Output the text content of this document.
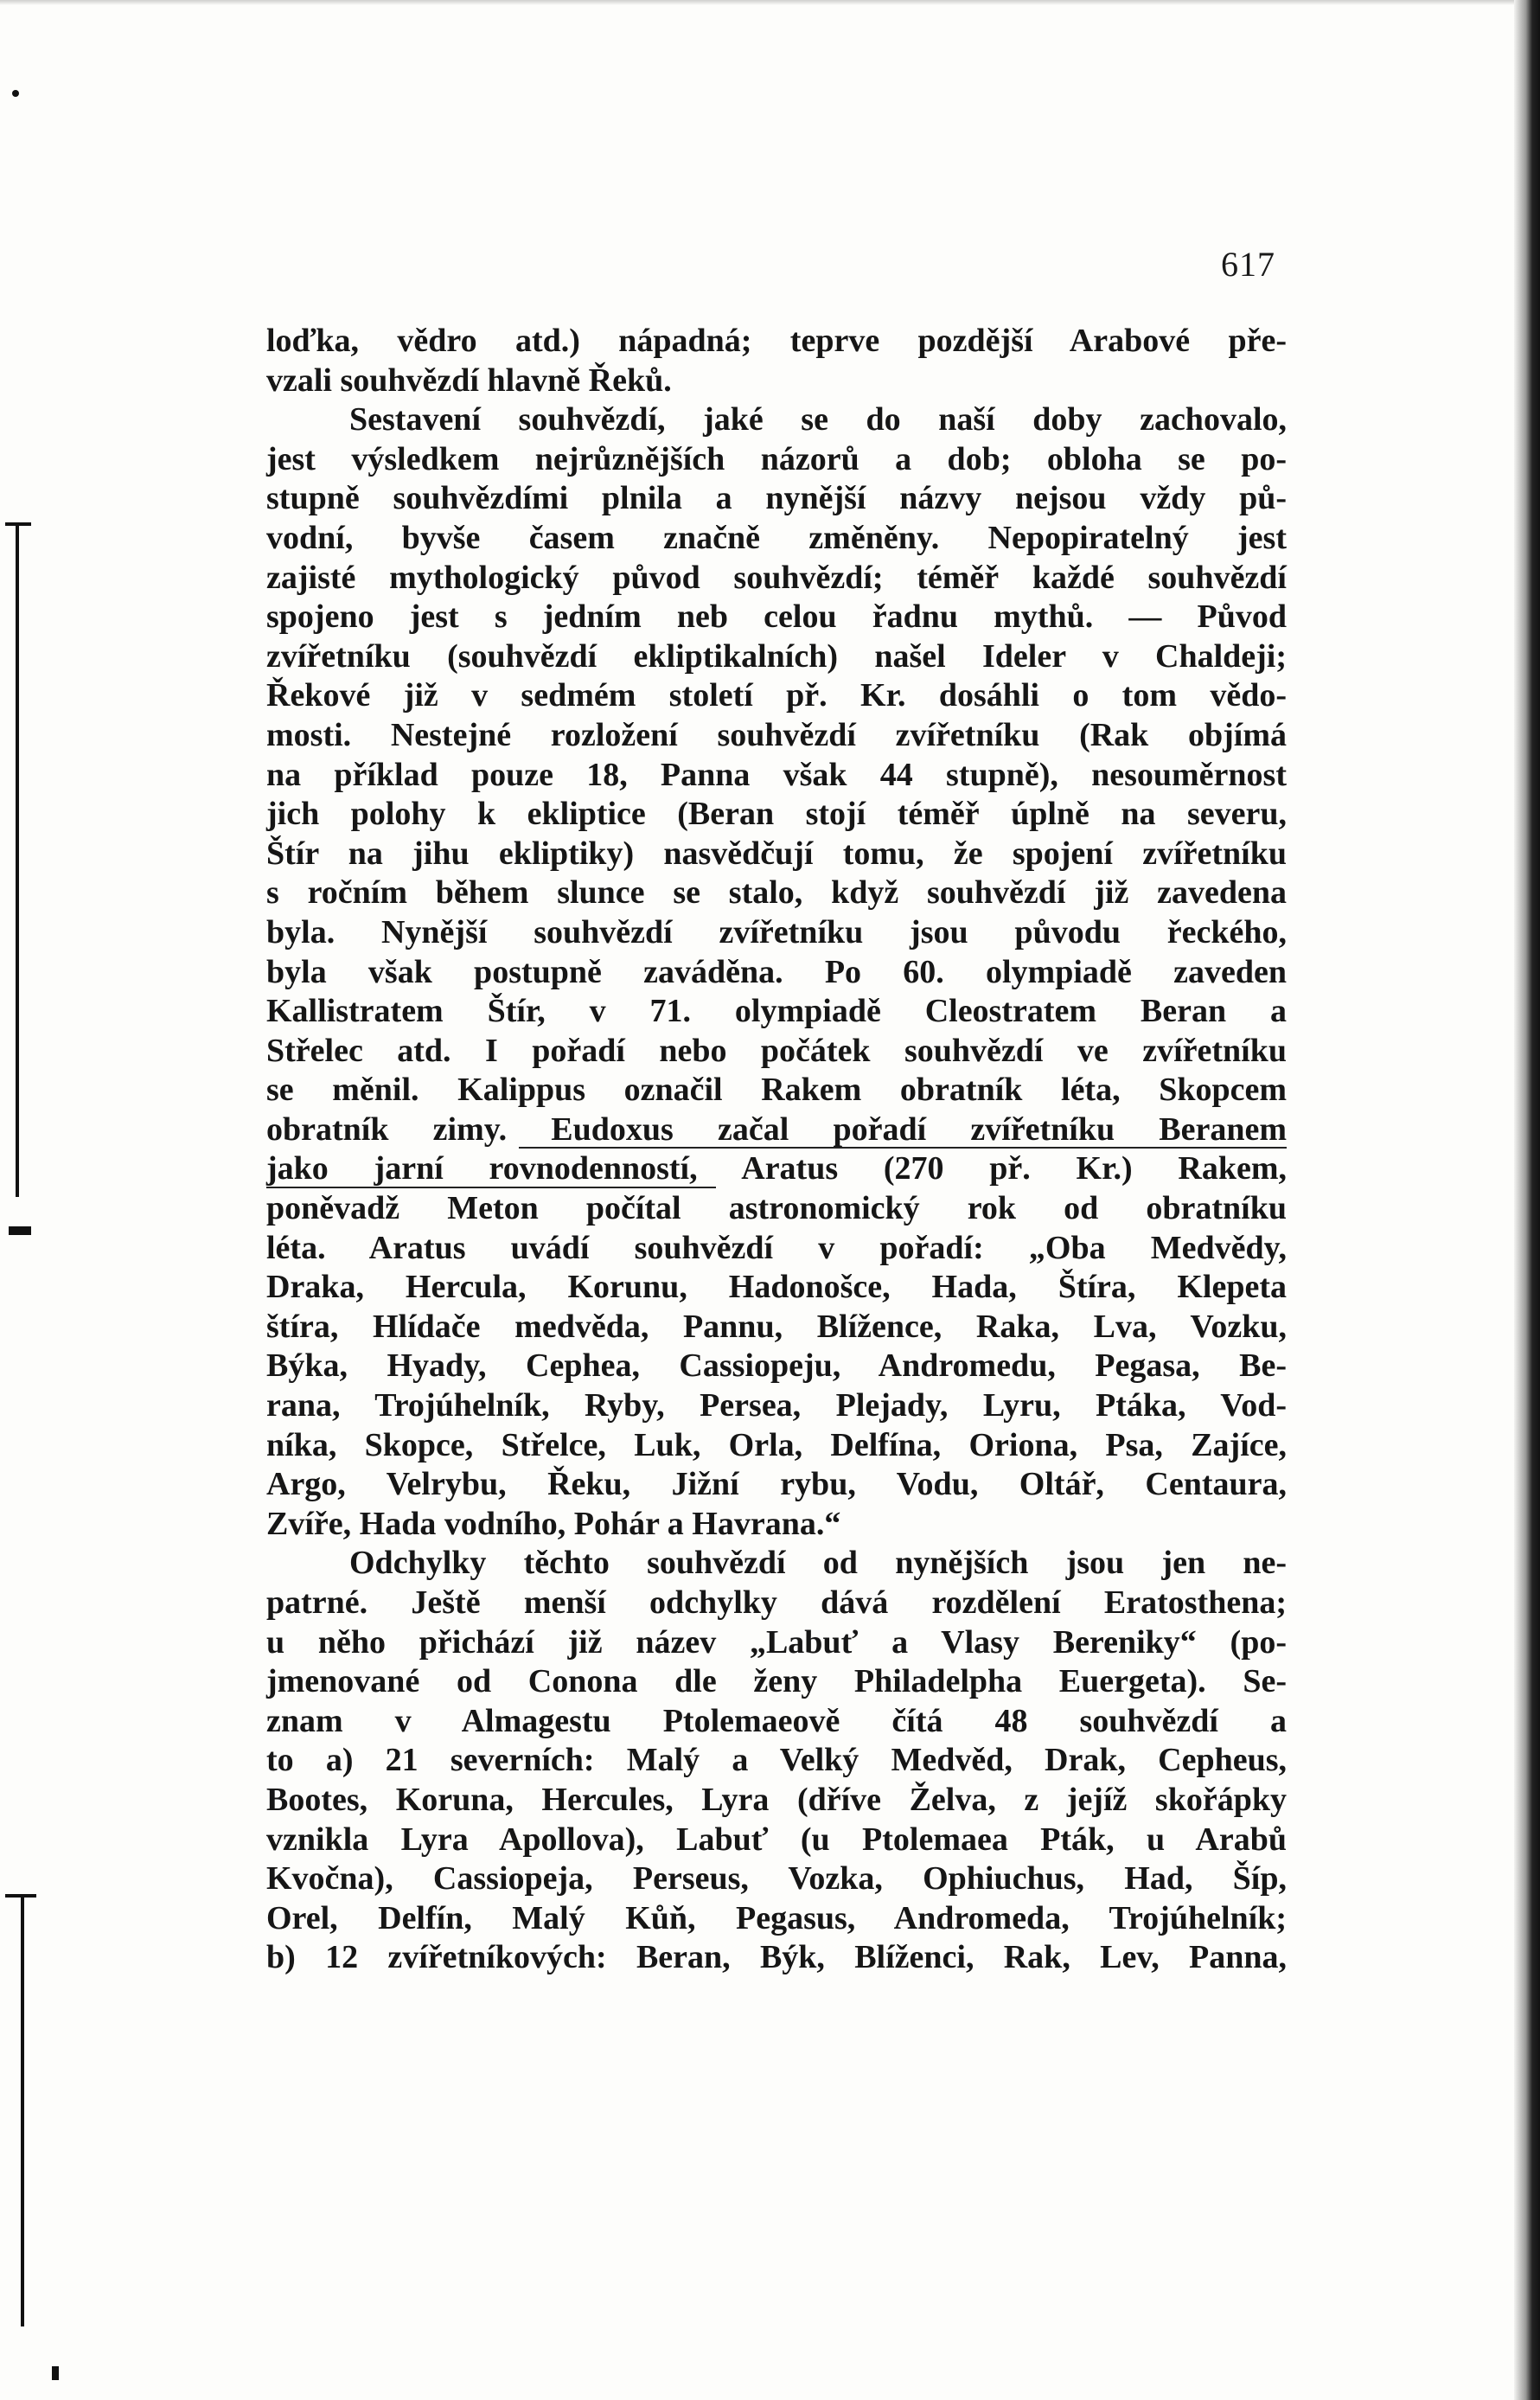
617
loďka, vědro atd.) nápadná; teprve pozdější Arabové pře-
vzali souhvězdí hlavně Řeků.
Sestavení souhvězdí, jaké se do naší doby zachovalo,
jest výsledkem nejrůznějších názorů a dob; obloha se po-
stupně souhvězdími plnila a nynější názvy nejsou vždy pů-
vodní, byvše časem značně změněny. Nepopiratelný jest
zajisté mythologický původ souhvězdí; téměř každé souhvězdí
spojeno jest s jedním neb celou řadnu mythů. — Původ
zvířetníku (souhvězdí ekliptikalních) našel Ideler v Chaldeji;
Řekové již v sedmém století př. Kr. dosáhli o tom vědo-
mosti. Nestejné rozložení souhvězdí zvířetníku (Rak objímá
na příklad pouze 18, Panna však 44 stupně), nesouměrnost
jich polohy k ekliptice (Beran stojí téměř úplně na severu,
Štír na jihu ekliptiky) nasvědčují tomu, že spojení zvířetníku
s ročním během slunce se stalo, když souhvězdí již zavedena
byla. Nynější souhvězdí zvířetníku jsou původu řeckého,
byla však postupně zaváděna. Po 60. olympiadě zaveden
Kallistratem Štír, v 71. olympiadě Cleostratem Beran a
Střelec atd. I pořadí nebo počátek souhvězdí ve zvířetníku
se měnil. Kalippus označil Rakem obratník léta, Skopcem
obratník zimy. Eudoxus začal pořadí zvířetníku Beranem
jako jarní rovnodenností, Aratus (270 př. Kr.) Rakem,
poněvadž Meton počítal astronomický rok od obratníku
léta. Aratus uvádí souhvězdí v pořadí: „Oba Medvědy,
Draka, Hercula, Korunu, Hadonošce, Hada, Štíra, Klepeta
štíra, Hlídače medvěda, Pannu, Blížence, Raka, Lva, Vozku,
Býka, Hyady, Cephea, Cassiopeju, Andromedu, Pegasa, Be-
rana, Trojúhelník, Ryby, Persea, Plejady, Lyru, Ptáka, Vod-
níka, Skopce, Střelce, Luk, Orla, Delfína, Oriona, Psa, Zajíce,
Argo, Velrybu, Řeku, Jižní rybu, Vodu, Oltář, Centaura,
Zvíře, Hada vodního, Pohár a Havrana.“
Odchylky těchto souhvězdí od nynějších jsou jen ne-
patrné. Ještě menší odchylky dává rozdělení Eratosthena;
u něho přichází již název „Labuť a Vlasy Bereniky“ (po-
jmenované od Conona dle ženy Philadelpha Euergeta). Se-
znam v Almagestu Ptolemaeově čítá 48 souhvězdí a
to a) 21 severních: Malý a Velký Medvěd, Drak, Cepheus,
Bootes, Koruna, Hercules, Lyra (dříve Želva, z jejíž skořápky
vznikla Lyra Apollova), Labuť (u Ptolemaea Pták, u Arabů
Kvočna), Cassiopeja, Perseus, Vozka, Ophiuchus, Had, Šíp,
Orel, Delfín, Malý Kůň, Pegasus, Andromeda, Trojúhelník;
b) 12 zvířetníkových: Beran, Býk, Blíženci, Rak, Lev, Panna,
